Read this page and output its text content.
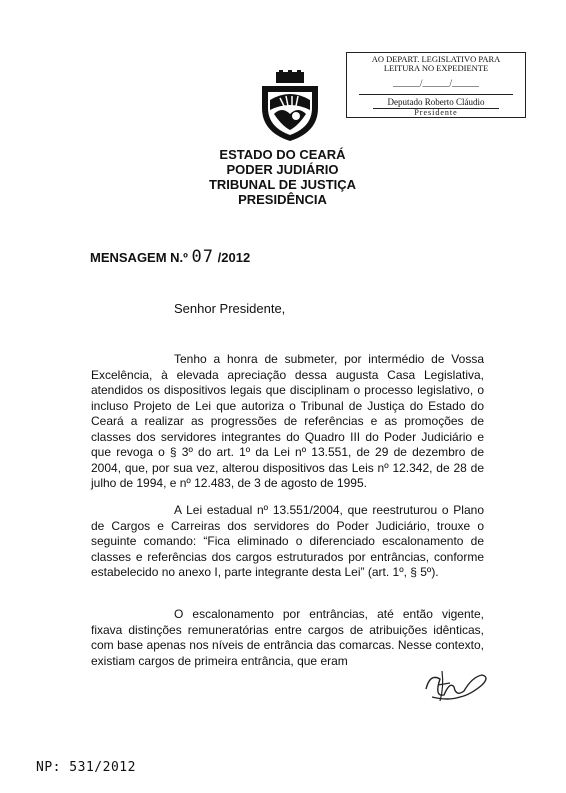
AO DEPART. LEGISLATIVO PARA
LEITURA NO EXPEDIENTE
______/______/______
Deputado Roberto Cláudio
Presidente
ESTADO DO CEARÁ
PODER JUDIÁRIO
TRIBUNAL DE JUSTIÇA
PRESIDÊNCIA
MENSAGEM N.º 07 /2012
Senhor Presidente,

Tenho a honra de submeter, por intermédio de Vossa Excelência, à elevada apreciação dessa augusta Casa Legislativa, atendidos os dispositivos legais que disciplinam o processo legislativo, o incluso Projeto de Lei que autoriza o Tribunal de Justiça do Estado do Ceará a realizar as progressões de referências e as promoções de classes dos servidores integrantes do Quadro III do Poder Judiciário e que revoga o § 3º do art. 1º da Lei nº 13.551, de 29 de dezembro de 2004, que, por sua vez, alterou dispositivos das Leis nº 12.342, de 28 de julho de 1994, e nº 12.483, de 3 de agosto de 1995.

A Lei estadual nº 13.551/2004, que reestruturou o Plano de Cargos e Carreiras dos servidores do Poder Judiciário, trouxe o seguinte comando: “Fica eliminado o diferenciado escalonamento de classes e referências dos cargos estruturados por entrâncias, conforme estabelecido no anexo I, parte integrante desta Lei” (art. 1º, § 5º).

O escalonamento por entrâncias, até então vigente, fixava distinções remuneratórias entre cargos de atribuições idênticas, com base apenas nos níveis de entrância das comarcas. Nesse contexto, existiam cargos de primeira entrância, que eram

NP: 531/2012
